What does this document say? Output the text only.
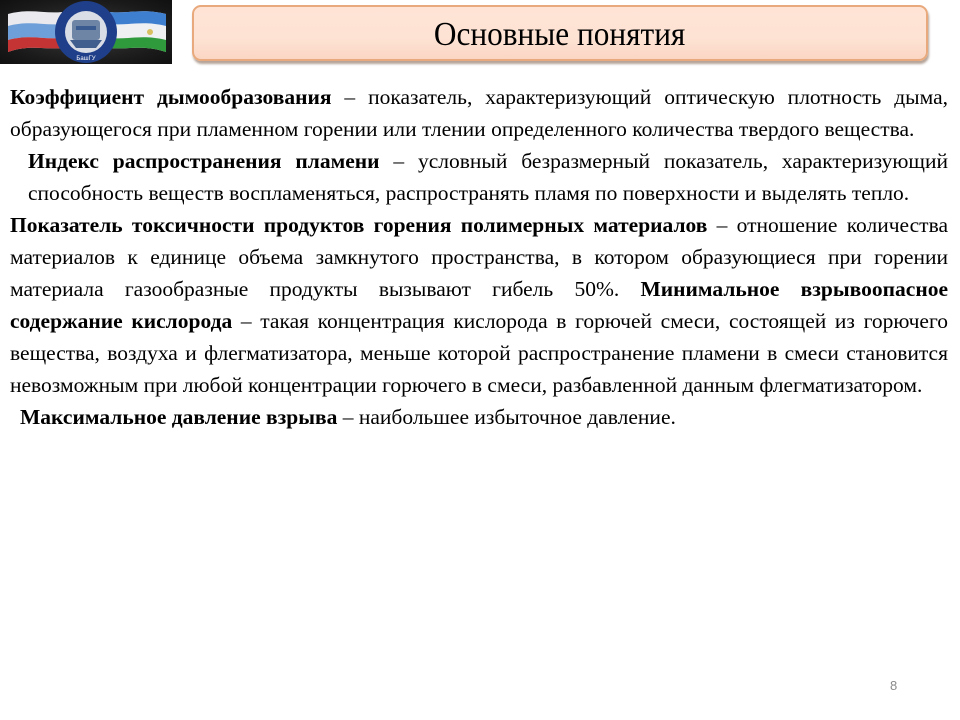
БашГУ
Основные понятия

Коэффициент дымообразования – показатель, характеризующий оптическую плотность дыма, образующегося при пламенном горении или тлении определенного количества твердого вещества.

Индекс распространения пламени – условный безразмерный показатель, характеризующий способность веществ воспламеняться, распространять пламя по поверхности и выделять тепло.

Показатель токсичности продуктов горения полимерных материалов – отношение количества материалов к единице объема замкнутого пространства, в котором образующиеся при горении материала газообразные продукты вызывают гибель 50%. Минимальное взрывоопасное содержание кислорода – такая концентрация кислорода в горючей смеси, состоящей из горючего вещества, воздуха и флегматизатора, меньше которой распространение пламени в смеси становится невозможным при любой концентрации горючего в смеси, разбавленной данным флегматизатором.

Максимальное давление взрыва – наибольшее избыточное давление.

8
